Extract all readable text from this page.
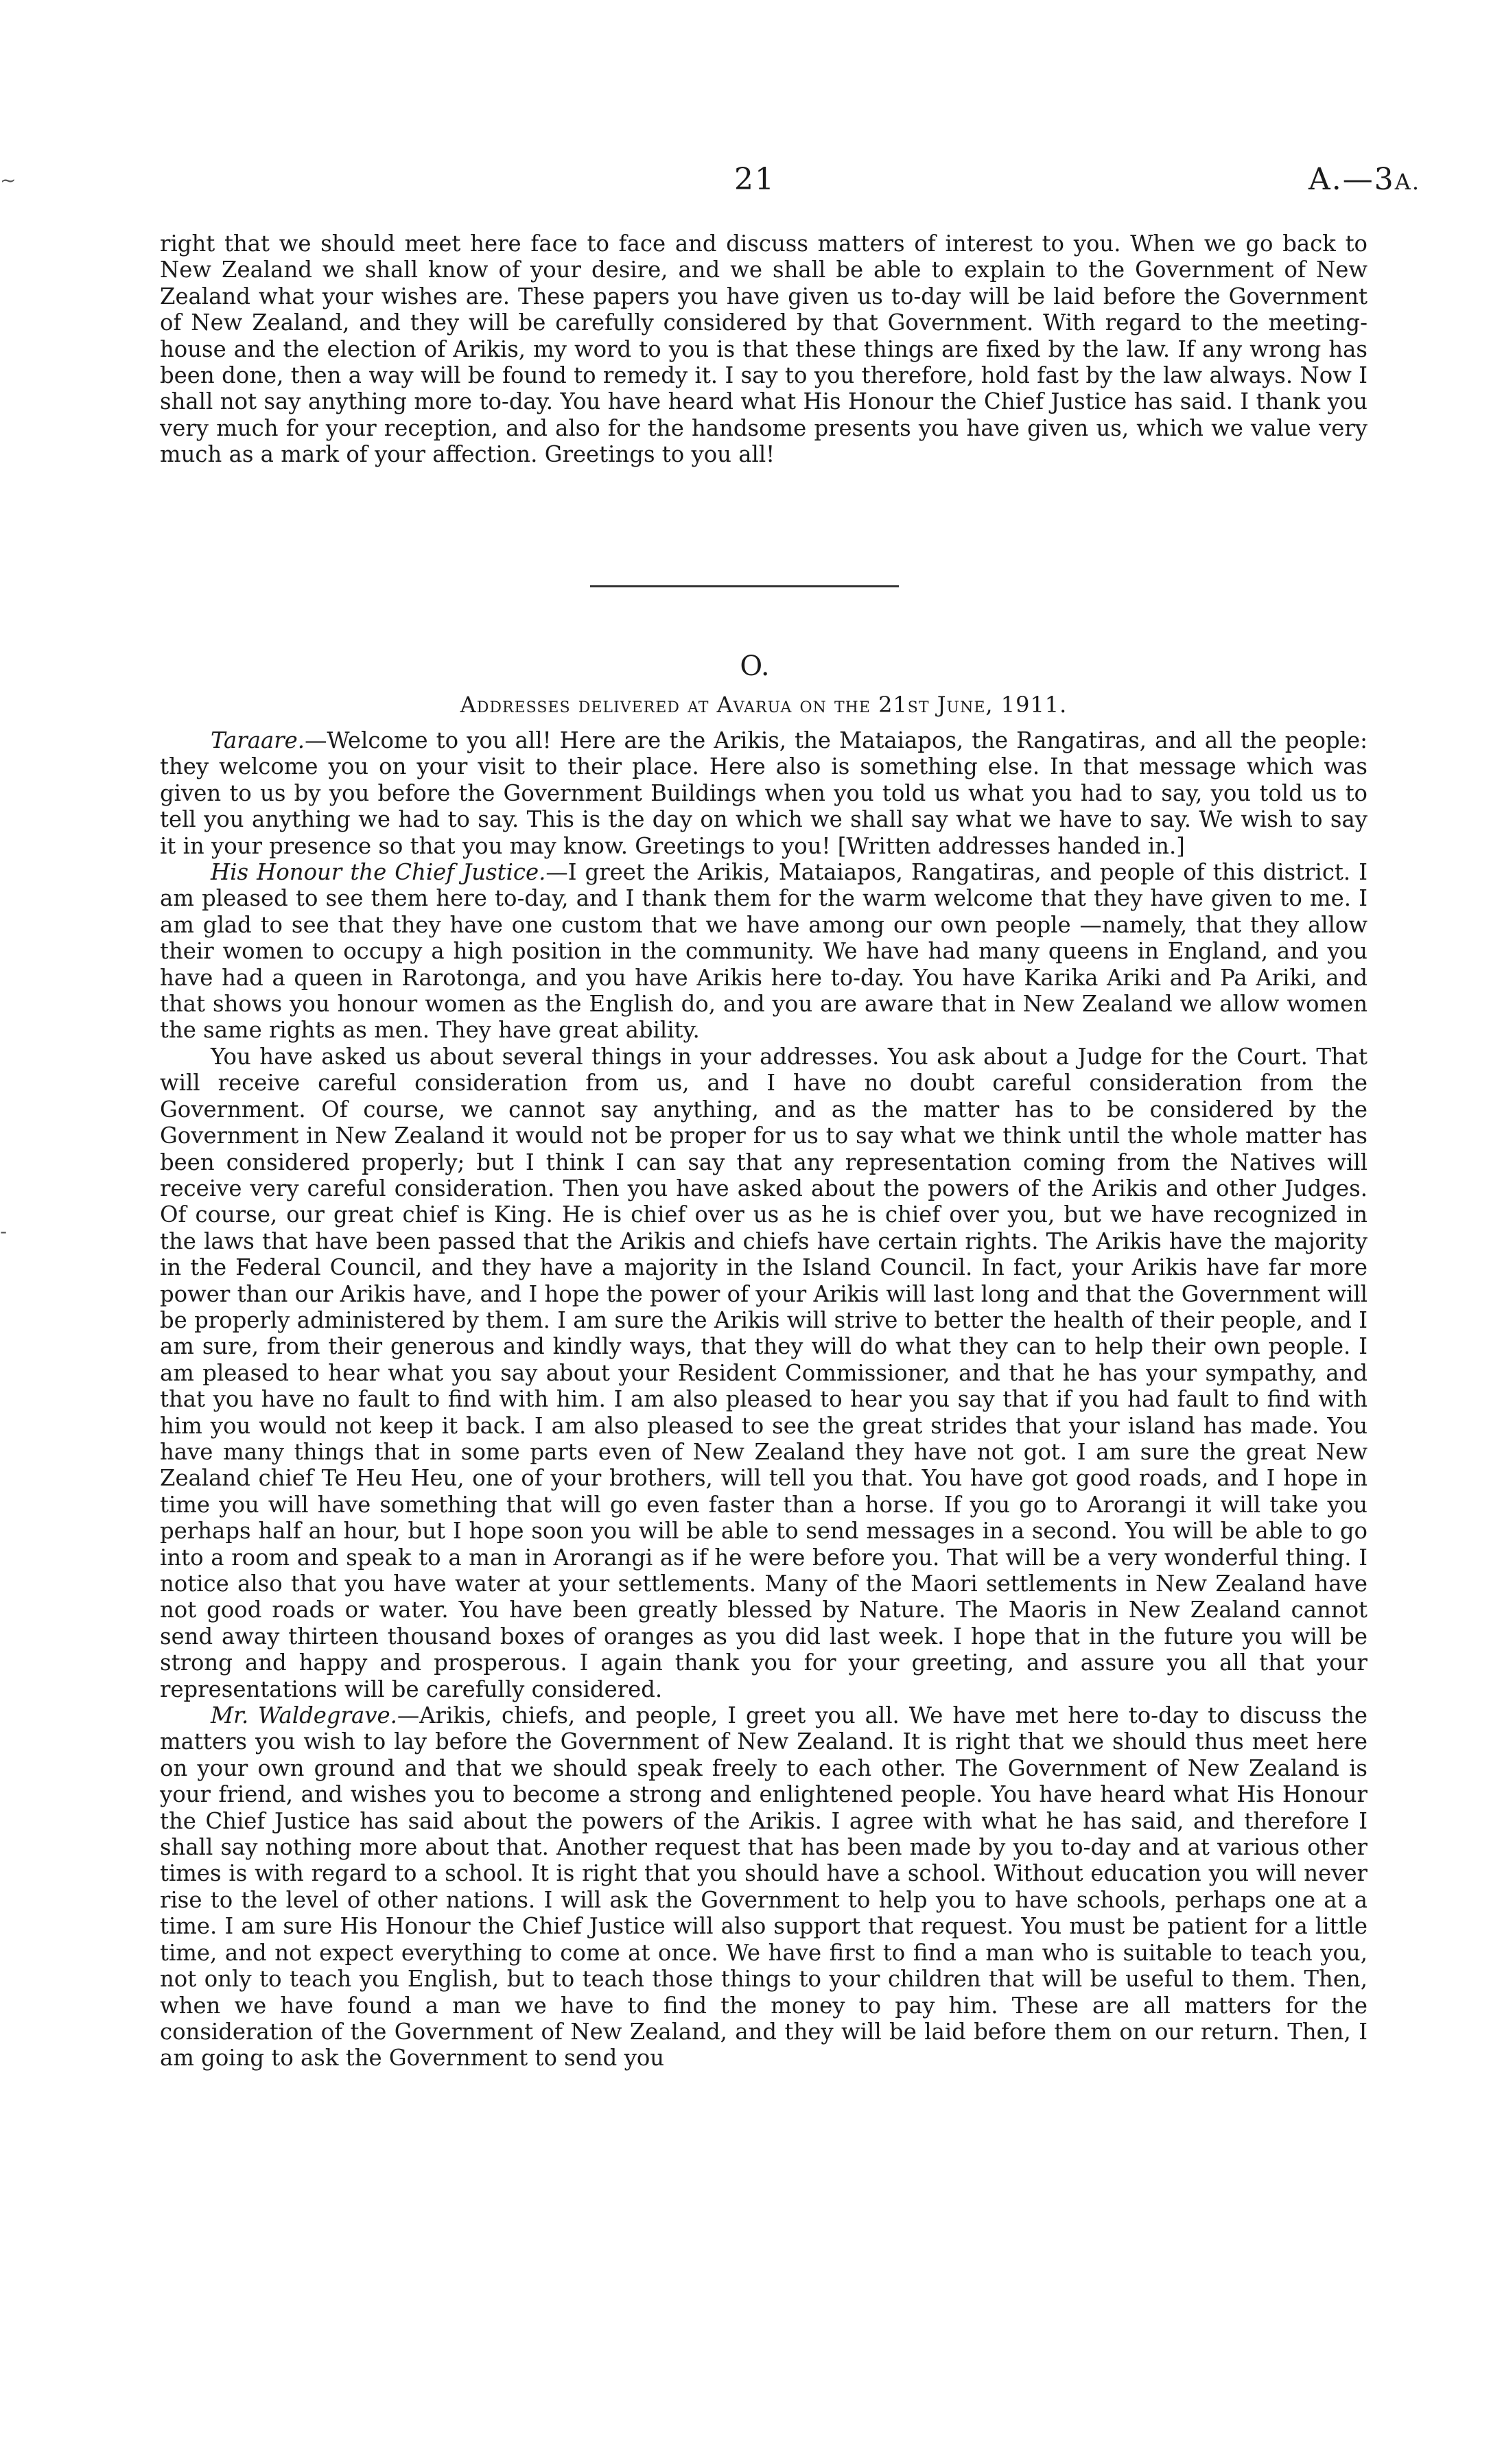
~
-
21	A.—3A.

right that we should meet here face to face and discuss matters of interest to you. When we go back to New Zealand we shall know of your desire, and we shall be able to explain to the Government of New Zealand what your wishes are. These papers you have given us to-day will be laid before the Government of New Zealand, and they will be carefully considered by that Government. With regard to the meeting-house and the election of Arikis, my word to you is that these things are fixed by the law. If any wrong has been done, then a way will be found to remedy it. I say to you therefore, hold fast by the law always. Now I shall not say anything more to-day. You have heard what His Honour the Chief Justice has said. I thank you very much for your reception, and also for the handsome presents you have given us, which we value very much as a mark of your affection. Greetings to you all!

O.
Addresses delivered at Avarua on the 21st June, 1911.

Taraare.—Welcome to you all! Here are the Arikis, the Mataiapos, the Rangatiras, and all the people: they welcome you on your visit to their place. Here also is something else. In that message which was given to us by you before the Government Buildings when you told us what you had to say, you told us to tell you anything we had to say. This is the day on which we shall say what we have to say. We wish to say it in your presence so that you may know. Greetings to you! [Written addresses handed in.]

His Honour the Chief Justice.—I greet the Arikis, Mataiapos, Rangatiras, and people of this district. I am pleased to see them here to-day, and I thank them for the warm welcome that they have given to me. I am glad to see that they have one custom that we have among our own people —namely, that they allow their women to occupy a high position in the community. We have had many queens in England, and you have had a queen in Rarotonga, and you have Arikis here to-day. You have Karika Ariki and Pa Ariki, and that shows you honour women as the English do, and you are aware that in New Zealand we allow women the same rights as men. They have great ability.

You have asked us about several things in your addresses. You ask about a Judge for the Court. That will receive careful consideration from us, and I have no doubt careful consideration from the Government. Of course, we cannot say anything, and as the matter has to be considered by the Government in New Zealand it would not be proper for us to say what we think until the whole matter has been considered properly; but I think I can say that any representation coming from the Natives will receive very careful consideration. Then you have asked about the powers of the Arikis and other Judges. Of course, our great chief is King. He is chief over us as he is chief over you, but we have recognized in the laws that have been passed that the Arikis and chiefs have certain rights. The Arikis have the majority in the Federal Council, and they have a majority in the Island Council. In fact, your Arikis have far more power than our Arikis have, and I hope the power of your Arikis will last long and that the Government will be properly administered by them. I am sure the Arikis will strive to better the health of their people, and I am sure, from their generous and kindly ways, that they will do what they can to help their own people. I am pleased to hear what you say about your Resident Commissioner, and that he has your sympathy, and that you have no fault to find with him. I am also pleased to hear you say that if you had fault to find with him you would not keep it back. I am also pleased to see the great strides that your island has made. You have many things that in some parts even of New Zealand they have not got. I am sure the great New Zealand chief Te Heu Heu, one of your brothers, will tell you that. You have got good roads, and I hope in time you will have something that will go even faster than a horse. If you go to Arorangi it will take you perhaps half an hour, but I hope soon you will be able to send messages in a second. You will be able to go into a room and speak to a man in Arorangi as if he were before you. That will be a very wonderful thing. I notice also that you have water at your settlements. Many of the Maori settlements in New Zealand have not good roads or water. You have been greatly blessed by Nature. The Maoris in New Zealand cannot send away thirteen thousand boxes of oranges as you did last week. I hope that in the future you will be strong and happy and prosperous. I again thank you for your greeting, and assure you all that your representations will be carefully considered.

Mr. Waldegrave.—Arikis, chiefs, and people, I greet you all. We have met here to-day to discuss the matters you wish to lay before the Government of New Zealand. It is right that we should thus meet here on your own ground and that we should speak freely to each other. The Government of New Zealand is your friend, and wishes you to become a strong and enlightened people. You have heard what His Honour the Chief Justice has said about the powers of the Arikis. I agree with what he has said, and therefore I shall say nothing more about that. Another request that has been made by you to-day and at various other times is with regard to a school. It is right that you should have a school. Without education you will never rise to the level of other nations. I will ask the Government to help you to have schools, perhaps one at a time. I am sure His Honour the Chief Justice will also support that request. You must be patient for a little time, and not expect everything to come at once. We have first to find a man who is suitable to teach you, not only to teach you English, but to teach those things to your children that will be useful to them. Then, when we have found a man we have to find the money to pay him. These are all matters for the consideration of the Government of New Zealand, and they will be laid before them on our return. Then, I am going to ask the Government to send you
